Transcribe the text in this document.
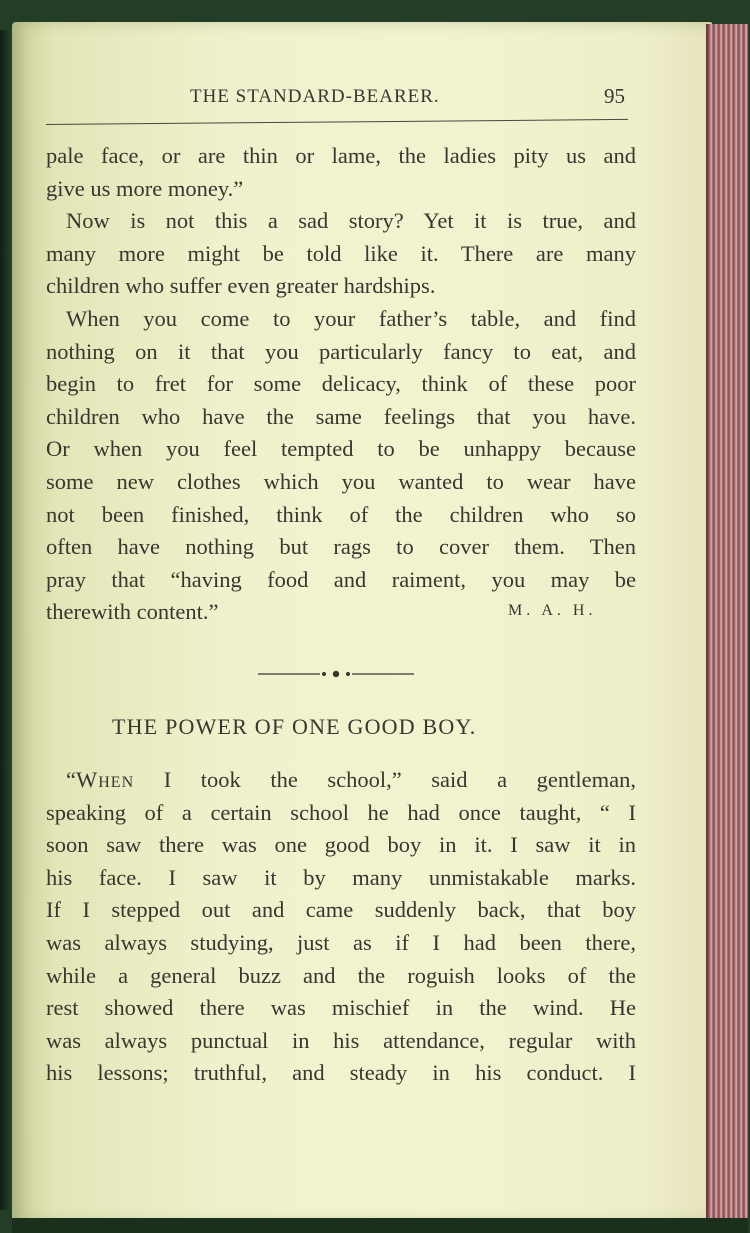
THE STANDARD-BEARER.	95
pale face, or are thin or lame, the ladies pity us and
give us more money.”
Now is not this a sad story? Yet it is true, and
many more might be told like it. There are many
children who suffer even greater hardships.
When you come to your father’s table, and find
nothing on it that you particularly fancy to eat, and
begin to fret for some delicacy, think of these poor
children who have the same feelings that you have.
Or when you feel tempted to be unhappy because
some new clothes which you wanted to wear have
not been finished, think of the children who so
often have nothing but rags to cover them. Then
pray that “having food and raiment, you may be
therewith content.”	M. A. H.
THE POWER OF ONE GOOD BOY.
“When I took the school,” said a gentleman,
speaking of a certain school he had once taught, “ I
soon saw there was one good boy in it. I saw it in
his face. I saw it by many unmistakable marks.
If I stepped out and came suddenly back, that boy
was always studying, just as if I had been there,
while a general buzz and the roguish looks of the
rest showed there was mischief in the wind. He
was always punctual in his attendance, regular with
his lessons; truthful, and steady in his conduct. I
